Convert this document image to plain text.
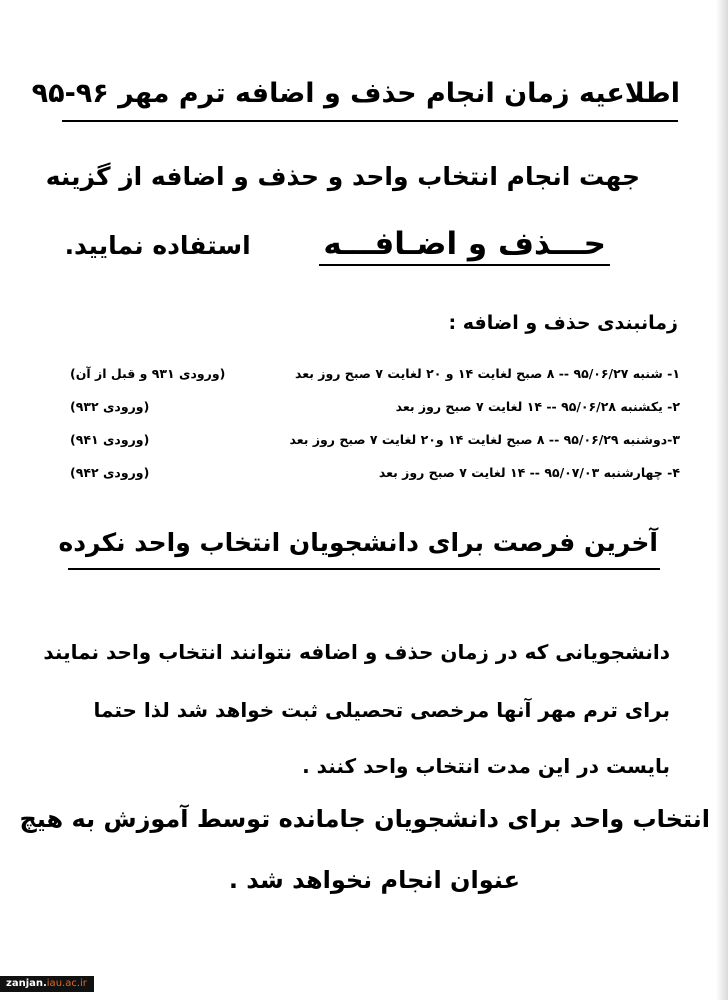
اطلاعیه زمان انجام حذف و اضافه ترم مهر ۹۶-۹۵
جهت انجام انتخاب واحد و حذف و اضافه از گزینه
حـــذف و اضـافـــه استفاده نمایید.
زمانبندی حذف و اضافه :
۱- شنبه ۹۵/۰۶/۲۷ -- ۸ صبح لغایت ۱۴ و ۲۰ لغایت ۷ صبح روز بعد
(ورودی ۹۳۱ و قبل از آن)
۲- یکشنبه ۹۵/۰۶/۲۸ -- ۱۴ لغایت ۷ صبح روز بعد
(ورودی ۹۳۲)
۳-دوشنبه ۹۵/۰۶/۲۹ -- ۸ صبح لغایت ۱۴ و۲۰ لغایت ۷ صبح روز بعد
(ورودی ۹۴۱)
۴- چهارشنبه ۹۵/۰۷/۰۳ -- ۱۴ لغایت ۷ صبح روز بعد
(ورودی ۹۴۲)
آخرین فرصت برای دانشجویان انتخاب واحد نکرده
دانشجویانی که در زمان حذف و اضافه نتوانند انتخاب واحد نمایند
برای ترم مهر آنها مرخصی تحصیلی ثبت خواهد شد لذا حتما
بایست در این مدت انتخاب واحد کنند .
انتخاب واحد برای دانشجویان جامانده توسط آموزش به هیچ
عنوان انجام نخواهد شد .
zanjan.iau.ac.ir
